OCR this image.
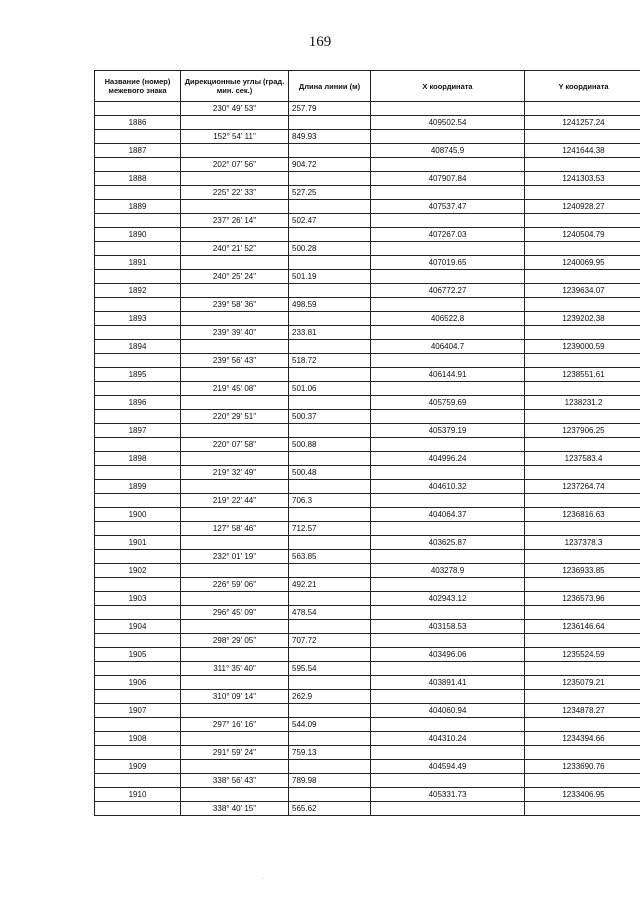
169
Название (номер) межевого знака	Дирекционные углы (град. мин. сек.)	Длина линии (м)	X координата	Y координата
	230° 49' 53"	257.79		
1886			409502.54	1241257.24
	152° 54' 11"	849.93		
1887			408745.9	1241644.38
	202° 07' 56"	904.72		
1888			407907.84	1241303.53
	225° 22' 33"	527.25		
1889			407537.47	1240928.27
	237° 26' 14"	502.47		
1890			407267.03	1240504.79
	240° 21' 52"	500.28		
1891			407019.65	1240069.95
	240° 25' 24"	501.19		
1892			406772.27	1239634.07
	239° 58' 36"	498.59		
1893			406522.8	1239202.38
	239° 39' 40"	233.81		
1894			406404.7	1239000.59
	239° 56' 43"	518.72		
1895			406144.91	1238551.61
	219° 45' 08"	501.06		
1896			405759.69	1238231.2
	220° 29' 51"	500.37		
1897			405379.19	1237906.25
	220° 07' 58"	500.88		
1898			404996.24	1237583.4
	219° 32' 49"	500.48		
1899			404610.32	1237264.74
	219° 22' 44"	706.3		
1900			404064.37	1236816.63
	127° 58' 46"	712.57		
1901			403625.87	1237378.3
	232° 01' 19"	563.85		
1902			403278.9	1236933.85
	226° 59' 06"	492.21		
1903			402943.12	1236573.96
	296° 45' 09"	478.54		
1904			403158.53	1236146.64
	298° 29' 05"	707.72		
1905			403496.06	1235524.59
	311° 35' 40"	595.54		
1906			403891.41	1235079.21
	310° 09' 14"	262.9		
1907			404060.94	1234878.27
	297° 16' 16"	544.09		
1908			404310.24	1234394.66
	291° 59' 24"	759.13		
1909			404594.49	1233690.76
	338° 56' 43"	789.98		
1910			405331.73	1233406.95
	338° 40' 15"	565.62		
·
